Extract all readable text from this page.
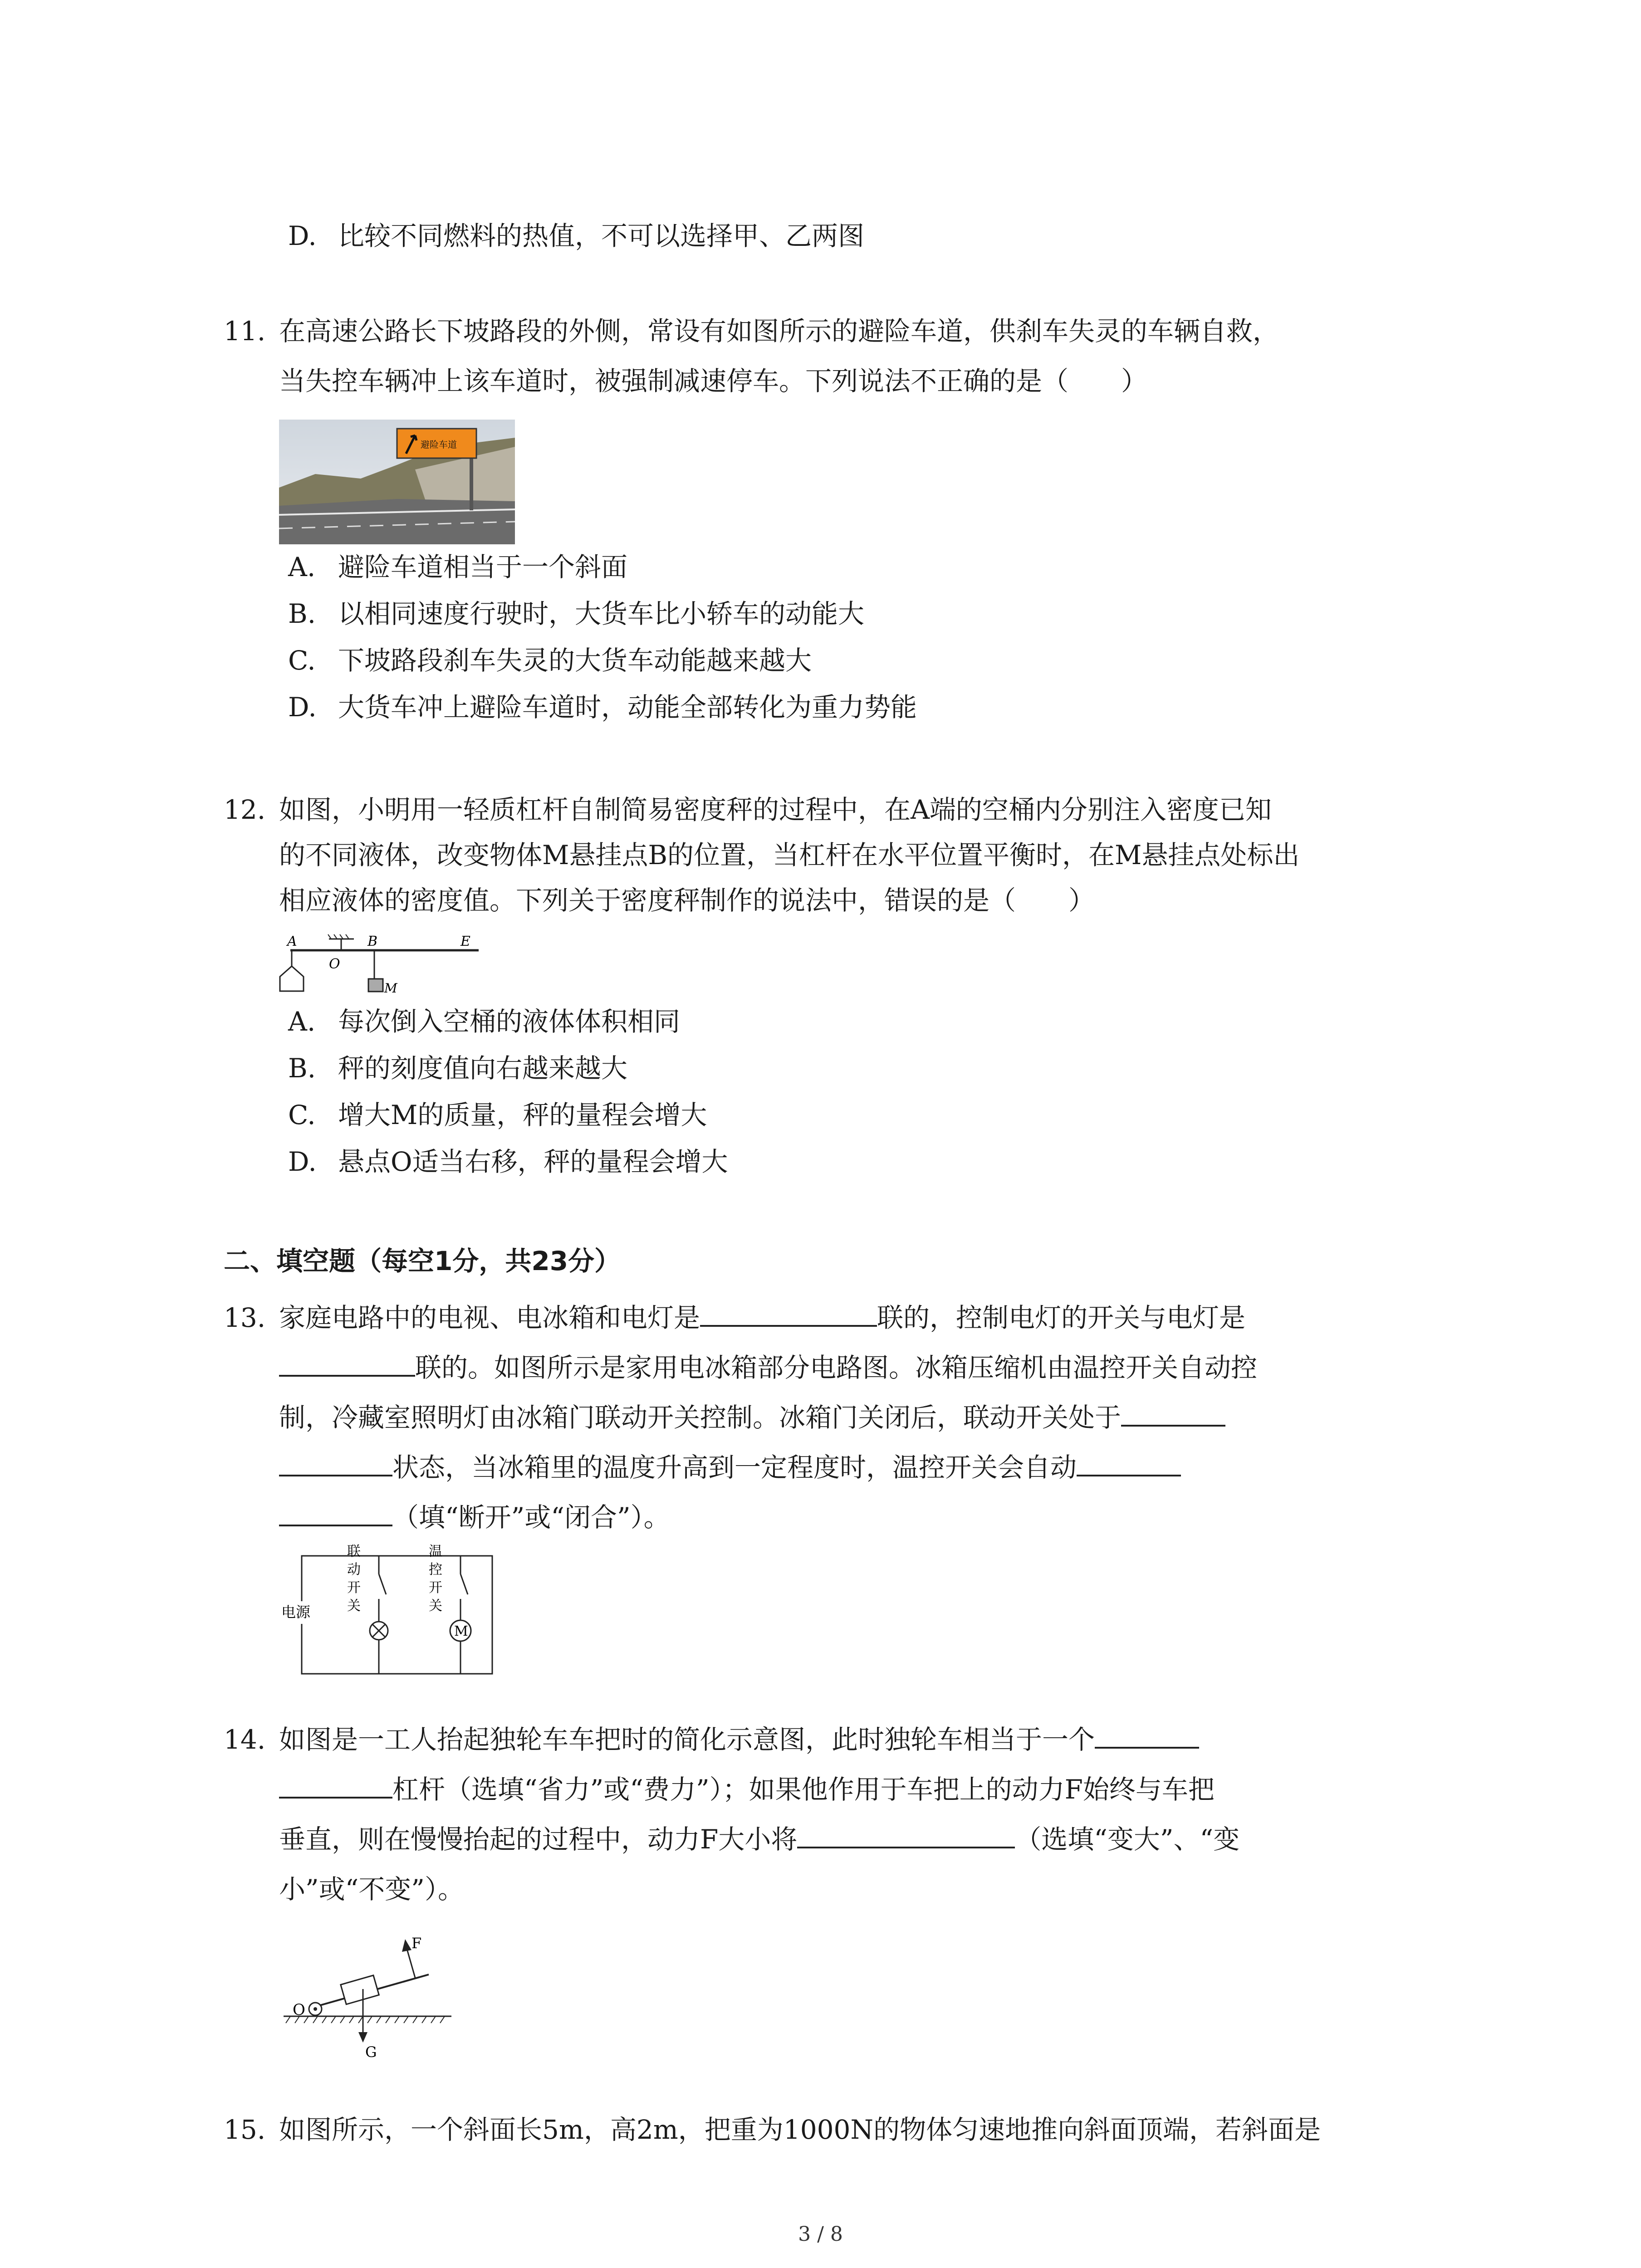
D. 比较不同燃料的热值，不可以选择甲、乙两图
11. 在高速公路长下坡路段的外侧，常设有如图所示的避险车道，供刹车失灵的车辆自救，
当失控车辆冲上该车道时，被强制减速停车。下列说法不正确的是（　　）
避险车道
A. 避险车道相当于一个斜面
B. 以相同速度行驶时，大货车比小轿车的动能大
C. 下坡路段刹车失灵的大货车动能越来越大
D. 大货车冲上避险车道时，动能全部转化为重力势能
12. 如图，小明用一轻质杠杆自制简易密度秤的过程中，在A端的空桶内分别注入密度已知
的不同液体，改变物体M悬挂点B的位置，当杠杆在水平位置平衡时，在M悬挂点处标出
相应液体的密度值。下列关于密度秤制作的说法中，错误的是（　　）
A
O
B	E
M
A. 每次倒入空桶的液体体积相同
B. 秤的刻度值向右越来越大
C. 增大M的质量，秤的量程会增大
D. 悬点O适当右移，秤的量程会增大
二、填空题（每空1分，共23分）
13. 家庭电路中的电视、电冰箱和电灯是	联的，控制电灯的开关与电灯是
联的。如图所示是家用电冰箱部分电路图。冰箱压缩机由温控开关自动控
制，冷藏室照明灯由冰箱门联动开关控制。冰箱门关闭后，联动开关处于
状态，当冰箱里的温度升高到一定程度时，温控开关会自动
（填“断开”或“闭合”）。
电源
联
动
开
关
M
温
控
开
关
14. 如图是一工人抬起独轮车车把时的简化示意图，此时独轮车相当于一个
杠杆（选填“省力”或“费力”）；如果他作用于车把上的动力F始终与车把
垂直，则在慢慢抬起的过程中，动力F大小将	（选填“变大”、“变
小”或“不变”）。
O
G
F
15. 如图所示，一个斜面长5m，高2m，把重为1000N的物体匀速地推向斜面顶端，若斜面是
3 / 8
